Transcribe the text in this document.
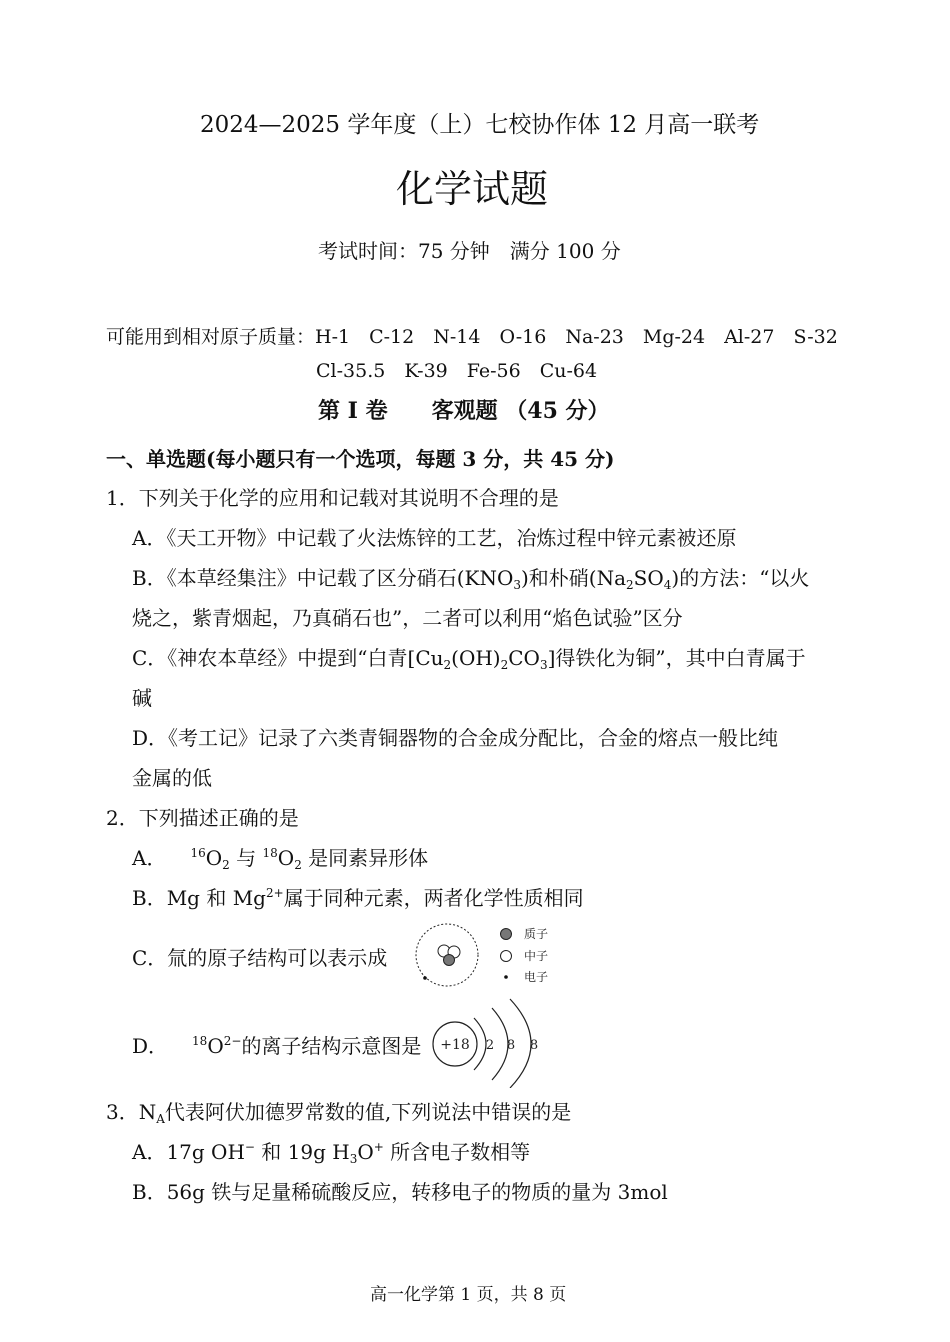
2024—2025 学年度（上）七校协作体 12 月高一联考
化学试题
考试时间：75 分钟　满分 100 分
可能用到相对原子质量：H-1　C-12　N-14　O-16　Na-23　Mg-24　Al-27　S-32
Cl-35.5　K-39　Fe-56　Cu-64
第 I 卷　　客观题 （45 分）
一、单选题(每小题只有一个选项，每题 3 分，共 45 分)
1．下列关于化学的应用和记载对其说明不合理的是
A．《天工开物》中记载了火法炼锌的工艺，冶炼过程中锌元素被还原
B．《本草经集注》中记载了区分硝石$(KNO_3)$和朴硝$(Na_2SO_4)$的方法：“以火
烧之，紫青烟起，乃真硝石也”，二者可以利用“焰色试验”区分
C．《神农本草经》中提到“白青$[Cu_2(OH)_2CO_3]$得铁化为铜”，其中白青属于
碱
D．《考工记》记录了六类青铜器物的合金成分配比，合金的熔点一般比纯
金属的低
2．下列描述正确的是
A． $^{16}O_2$ 与 $^{18}O_2$ 是同素异形体
B．Mg 和 $Mg^{2+}$属于同种元素，两者化学性质相同
C．氚的原子结构可以表示成
质子
中子
电子
D． $^{18}O^{2-}$的离子结构示意图是 +18 2 8 8
3．$N_A$代表阿伏加德罗常数的值,下列说法中错误的是
A．17g OH− 和 19g $H_3O^+$ 所含电子数相等
B．56g 铁与足量稀硫酸反应，转移电子的物质的量为 3mol
高一化学第 1 页，共 8 页
